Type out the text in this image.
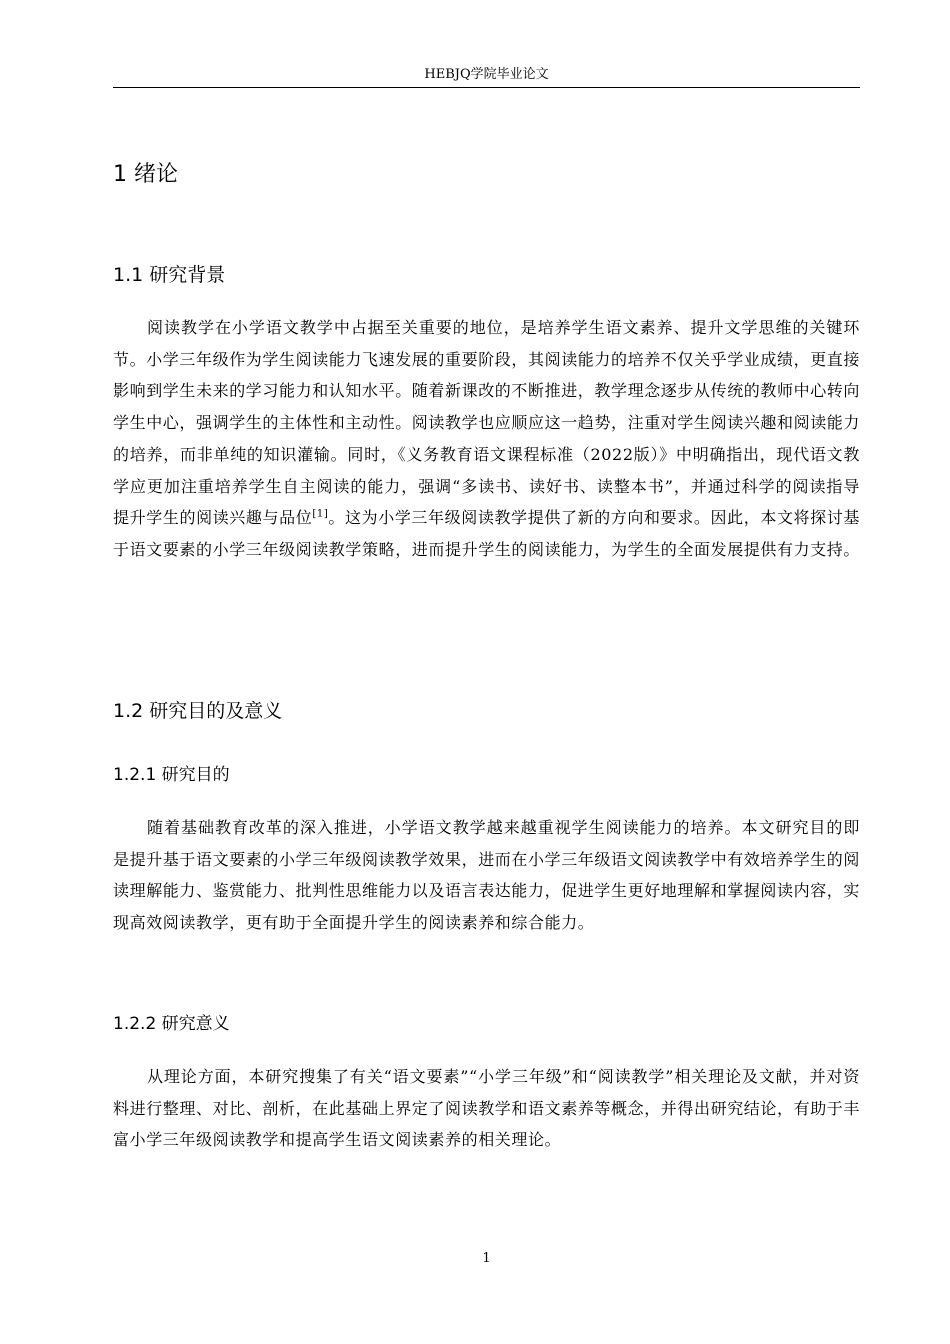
HEBJQ学院毕业论文
1 绪论
1.1 研究背景

阅读教学在小学语文教学中占据至关重要的地位，是培养学生语文素养、提升文学思维的关键环节。小学三年级作为学生阅读能力飞速发展的重要阶段，其阅读能力的培养不仅关乎学业成绩，更直接影响到学生未来的学习能力和认知水平。随着新课改的不断推进，教学理念逐步从传统的教师中心转向学生中心，强调学生的主体性和主动性。阅读教学也应顺应这一趋势，注重对学生阅读兴趣和阅读能力的培养，而非单纯的知识灌输。同时，《义务教育语文课程标准（2022版）》中明确指出，现代语文教学应更加注重培养学生自主阅读的能力，强调“多读书、读好书、读整本书”，并通过科学的阅读指导提升学生的阅读兴趣与品位[1]。这为小学三年级阅读教学提供了新的方向和要求。因此，本文将探讨基于语文要素的小学三年级阅读教学策略，进而提升学生的阅读能力，为学生的全面发展提供有力支持。

1.2 研究目的及意义
1.2.1 研究目的

随着基础教育改革的深入推进，小学语文教学越来越重视学生阅读能力的培养。本文研究目的即是提升基于语文要素的小学三年级阅读教学效果，进而在小学三年级语文阅读教学中有效培养学生的阅读理解能力、鉴赏能力、批判性思维能力以及语言表达能力，促进学生更好地理解和掌握阅读内容，实现高效阅读教学，更有助于全面提升学生的阅读素养和综合能力。

1.2.2 研究意义

从理论方面，本研究搜集了有关“语文要素”“小学三年级”和“阅读教学”相关理论及文献，并对资料进行整理、对比、剖析，在此基础上界定了阅读教学和语文素养等概念，并得出研究结论，有助于丰富小学三年级阅读教学和提高学生语文阅读素养的相关理论。

1
